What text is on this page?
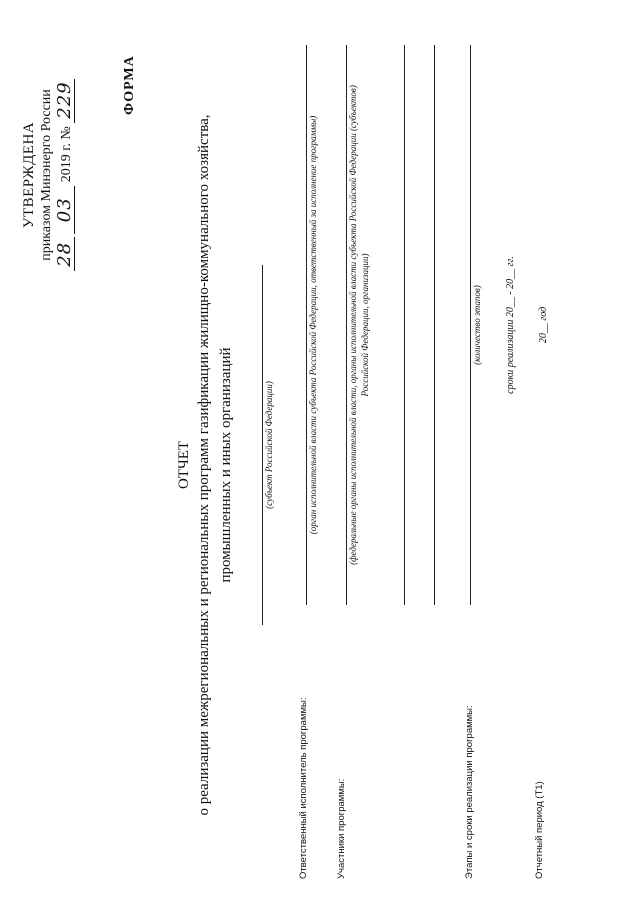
УТВЕРЖДЕНА приказом Минэнерго России 28 03 2019 г. № 229	ФОРМА
ОТЧЕТ о реализации межрегиональных и региональных программ газификации жилищно-коммунального хозяйства, промышленных и иных организаций	(субъект Российской Федерации)
Ответственный исполнитель программы:
(орган исполнительной власти субъекта Российской Федерации, ответственный за исполнение программы)
Участники программы:
(федеральные органы исполнительной власти, органы исполнительной власти субъекта Российской Федерации (субъектов) Российской Федерации, организации)
Этапы и сроки реализации программы:
(количество этапов) сроки реализации 20__ - 20__ гг.
Отчетный период (Т1)
20__ год
